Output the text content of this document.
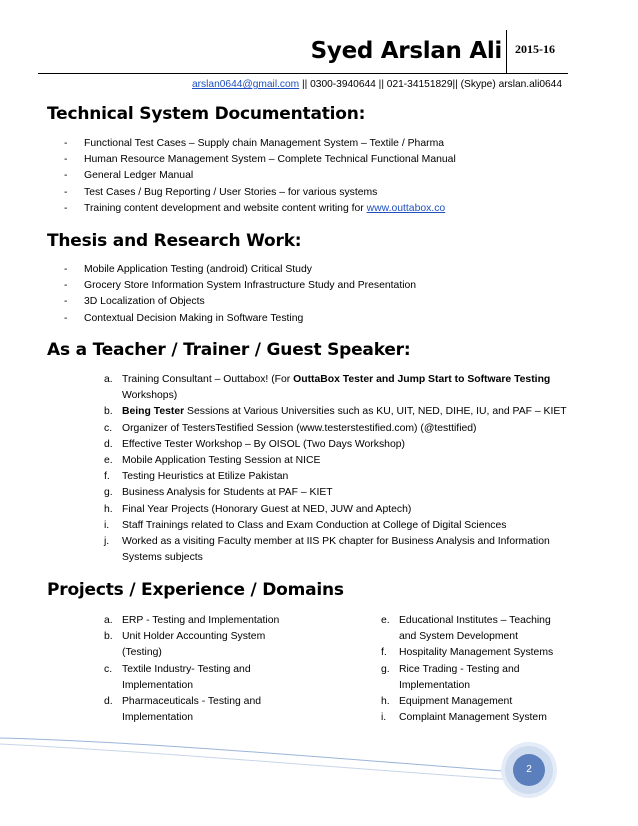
Syed Arslan Ali 2015-16
arslan0644@gmail.com || 0300-3940644 || 021-34151829|| (Skype) arslan.ali0644
Technical System Documentation:
- Functional Test Cases – Supply chain Management System – Textile / Pharma
- Human Resource Management System – Complete Technical Functional Manual
- General Ledger Manual
- Test Cases / Bug Reporting / User Stories – for various systems
- Training content development and website content writing for www.outtabox.co
Thesis and Research Work:
- Mobile Application Testing (android) Critical Study
- Grocery Store Information System Infrastructure Study and Presentation
- 3D Localization of Objects
- Contextual Decision Making in Software Testing
As a Teacher / Trainer / Guest Speaker:
a. Training Consultant – Outtabox! (For OuttaBox Tester and Jump Start to Software Testing
Workshops)
b. Being Tester Sessions at Various Universities such as KU, UIT, NED, DIHE, IU, and PAF – KIET
c. Organizer of TestersTestified Session (www.testerstestified.com) (@testtified)
d. Effective Tester Workshop – By OISOL (Two Days Workshop)
e. Mobile Application Testing Session at NICE
f. Testing Heuristics at Etilize Pakistan
g. Business Analysis for Students at PAF – KIET
h. Final Year Projects (Honorary Guest at NED, JUW and Aptech)
i. Staff Trainings related to Class and Exam Conduction at College of Digital Sciences
j. Worked as a visiting Faculty member at IIS PK chapter for Business Analysis and Information
Systems subjects
Projects / Experience / Domains
a. ERP - Testing and Implementation
b. Unit Holder Accounting System
(Testing)
c. Textile Industry- Testing and
Implementation
d. Pharmaceuticals - Testing and
Implementation
e. Educational Institutes – Teaching
and System Development
f. Hospitality Management Systems
g. Rice Trading - Testing and
Implementation
h. Equipment Management
i. Complaint Management System
2
